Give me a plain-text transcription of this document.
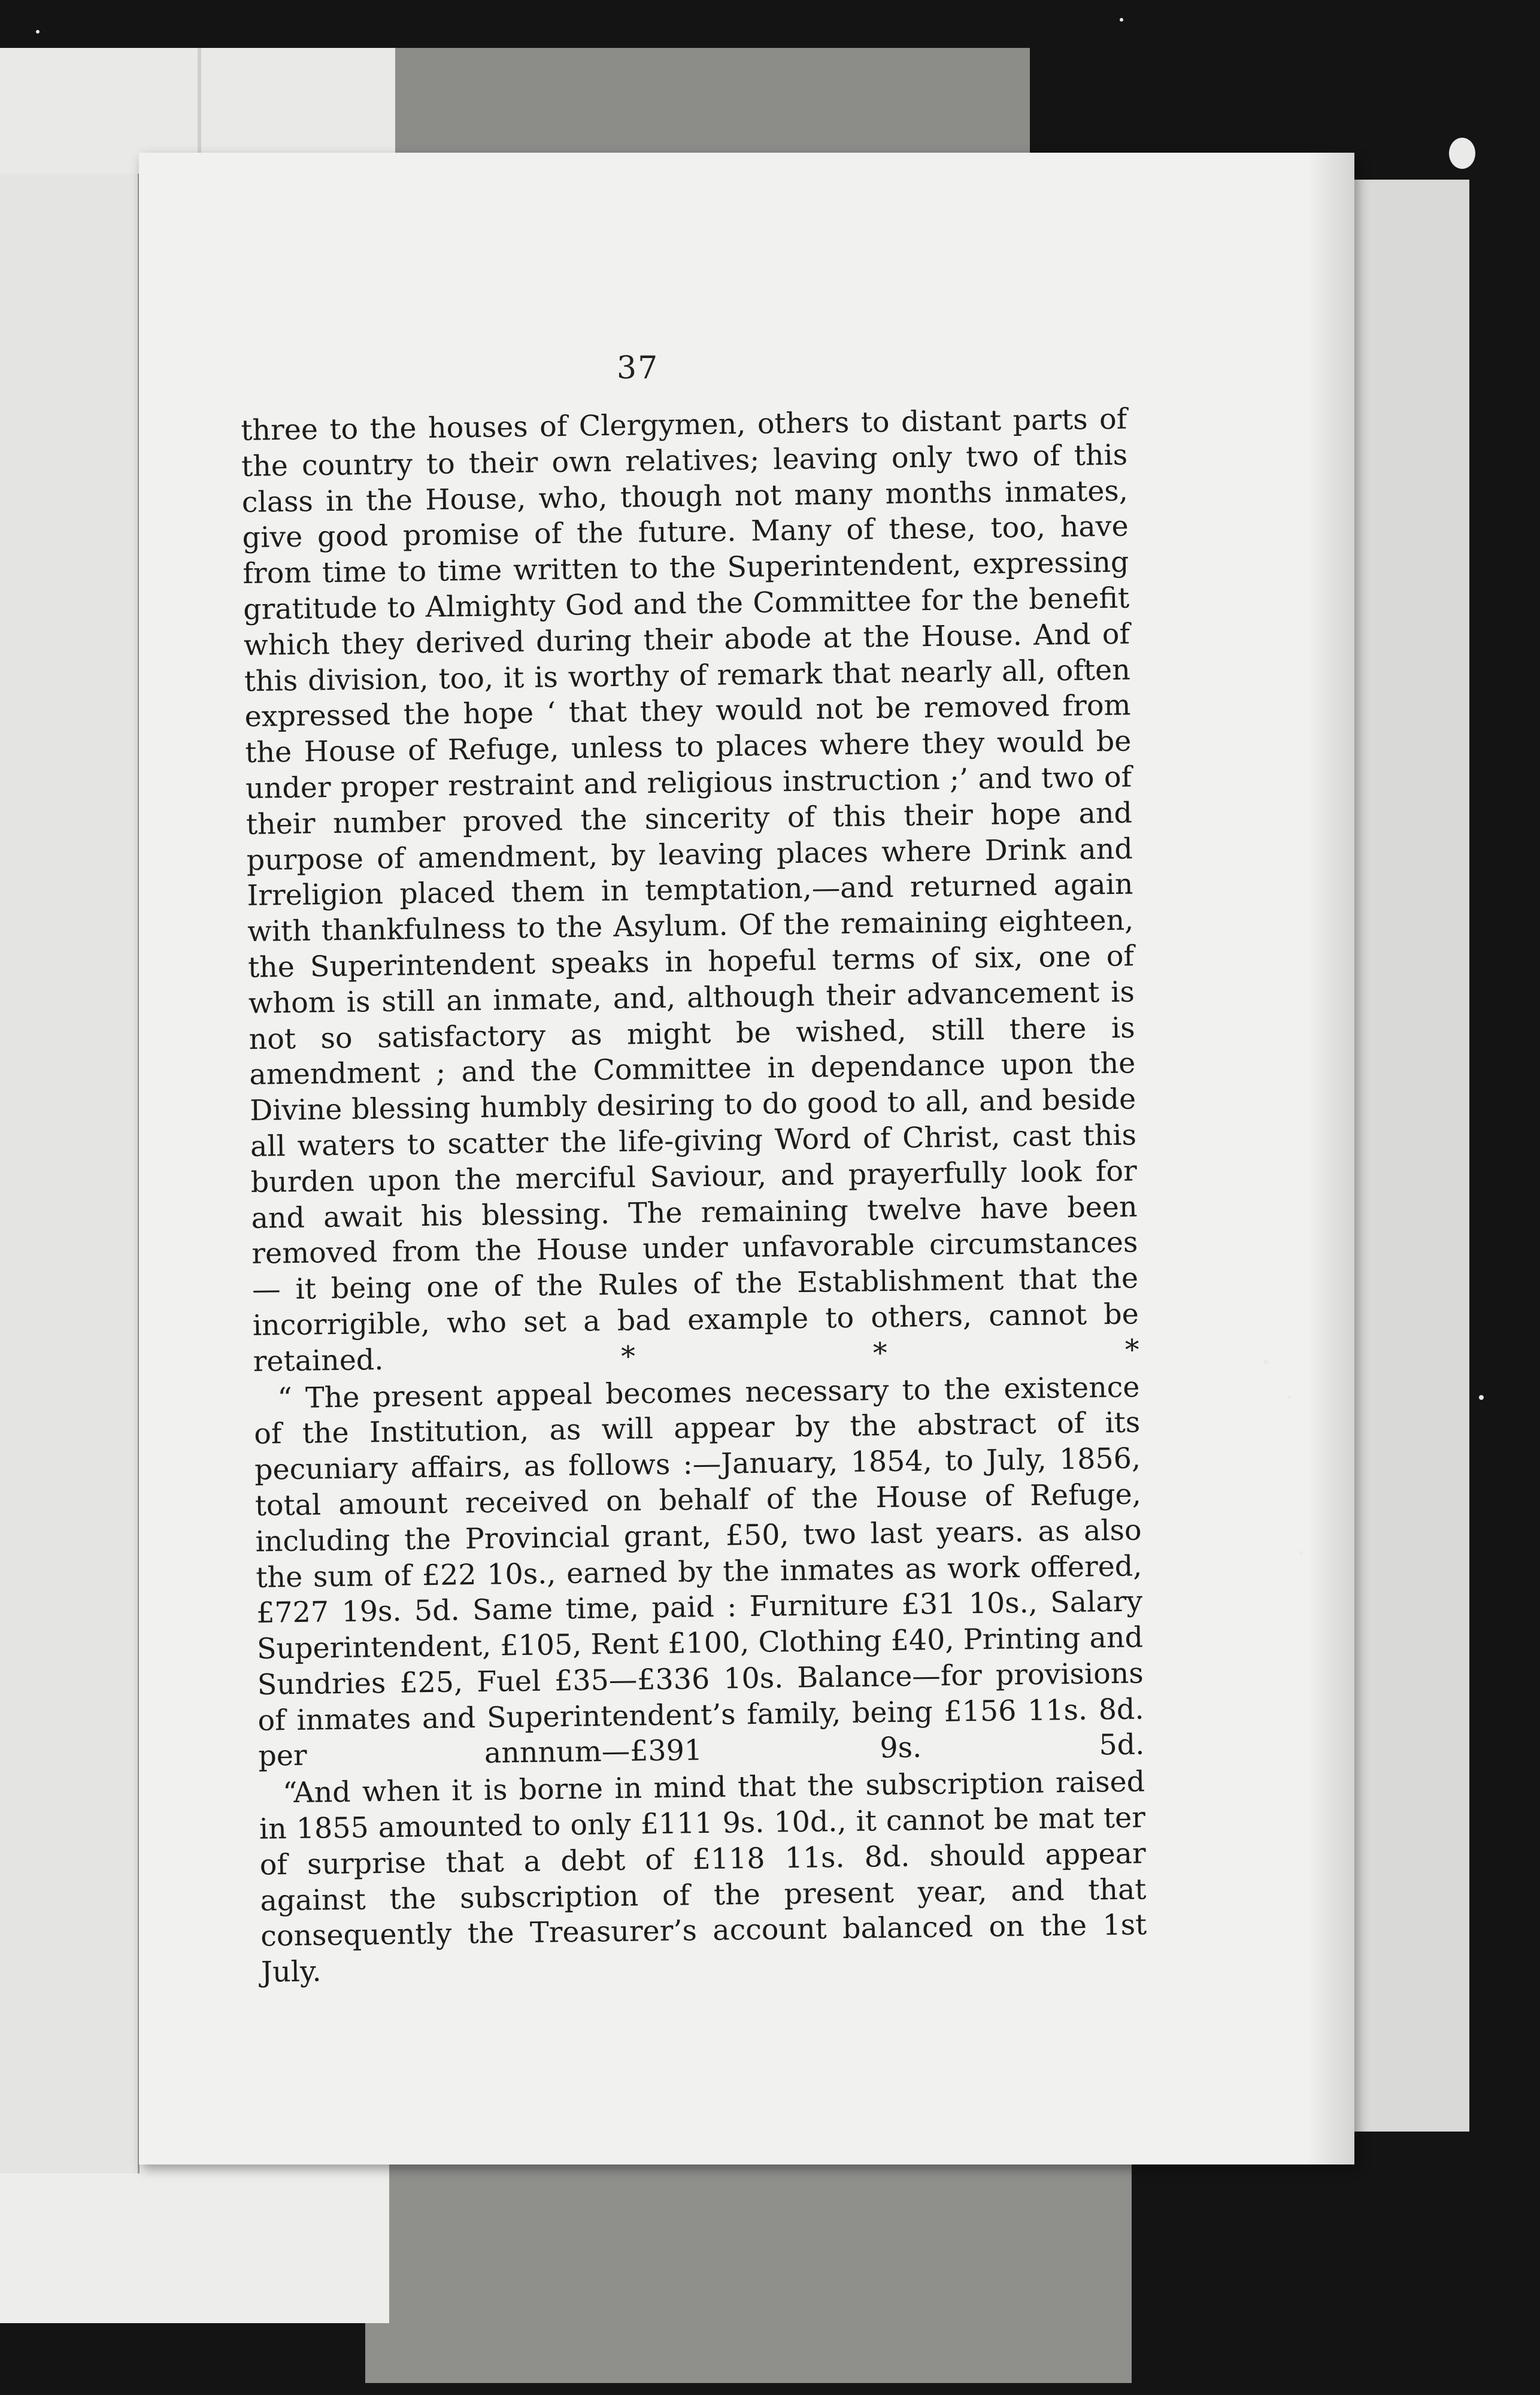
37

three to the houses of Clergymen, others to distant parts of the country to their own relatives; leaving only two of this class in the House, who, though not many months inmates, give good promise of the future. Many of these, too, have from time to time written to the Superintendent, expressing gratitude to Almighty God and the Committee for the benefit which they derived during their abode at the House. And of this division, too, it is worthy of remark that nearly all, often expressed the hope ‘ that they would not be removed from the House of Refuge, unless to places where they would be under proper restraint and religious instruction ;’ and two of their number proved the sincerity of this their hope and purpose of amendment, by leaving places where Drink and Irreligion placed them in temptation,—and returned again with thankfulness to the Asylum. Of the remaining eighteen, the Superintendent speaks in hopeful terms of six, one of whom is still an inmate, and, although their advancement is not so satisfactory as might be wished, still there is amendment ; and the Committee in dependance upon the Divine blessing humbly desiring to do good to all, and beside all waters to scatter the life-giving Word of Christ, cast this burden upon the merciful Saviour, and prayerfully look for and await his blessing. The remaining twelve have been removed from the House under unfavorable circumstances — it being one of the Rules of the Establishment that the incorrigible, who set a bad example to others, cannot be retained. * * *

“ The present appeal becomes necessary to the existence of the Institution, as will appear by the abstract of its pecuniary affairs, as follows :—January, 1854, to July, 1856, total amount received on behalf of the House of Refuge, including the Provincial grant, £50, two last years. as also the sum of £22 10s., earned by the inmates as work offered, £727 19s. 5d. Same time, paid : Furniture £31 10s., Salary Superintendent, £105, Rent £100, Clothing £40, Printing and Sundries £25, Fuel £35—£336 10s. Balance—for provisions of inmates and Superintendent’s family, being £156 11s. 8d. per annnum—£391 9s. 5d.

“And when it is borne in mind that the subscription raised in 1855 amounted to only £111 9s. 10d., it cannot be mat ter of surprise that a debt of £118 11s. 8d. should appear against the subscription of the present year, and that consequently the Treasurer’s account balanced on the 1st July.
